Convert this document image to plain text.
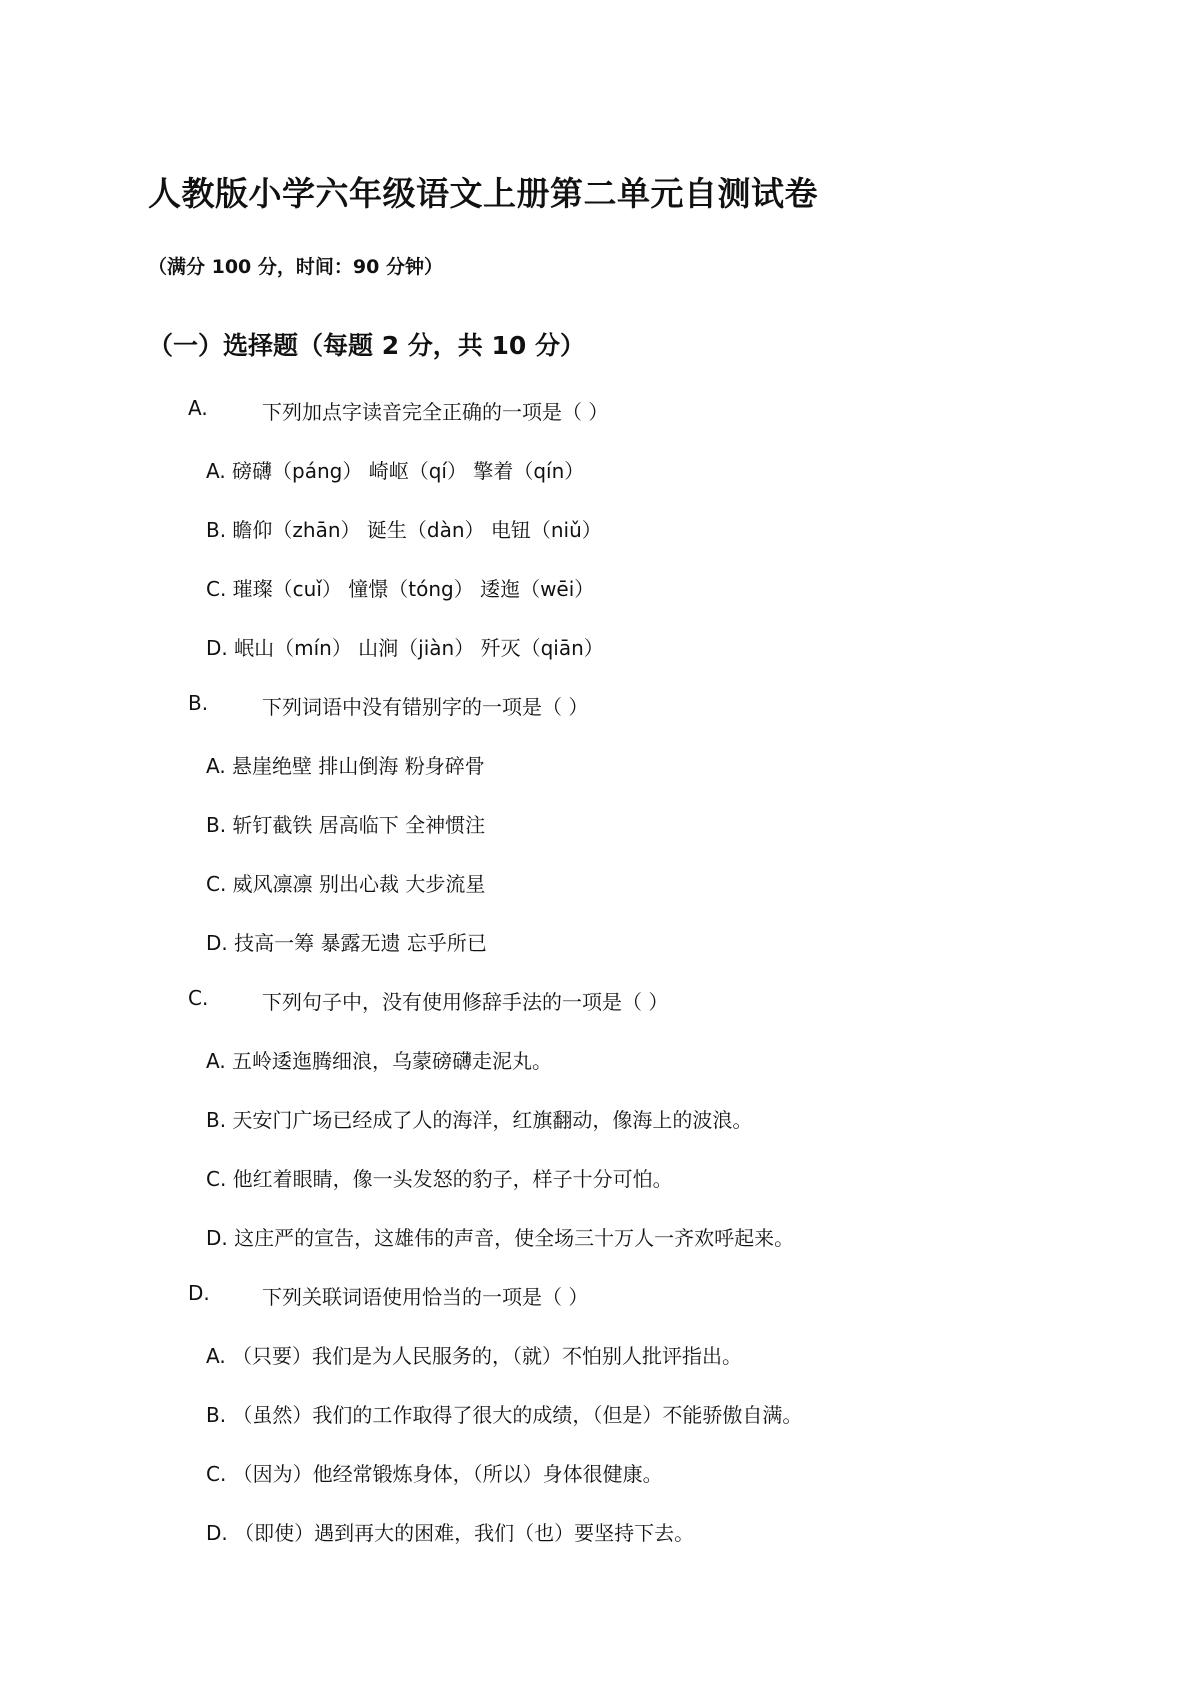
人教版小学六年级语文上册第二单元自测试卷
（满分 100 分，时间：90 分钟）
（一）选择题（每题 2 分，共 10 分）
A.	下列加点字读音完全正确的一项是（ ）
A. 磅礴（páng） 崎岖（qí） 擎着（qín）
B. 瞻仰（zhān） 诞生（dàn） 电钮（niǔ）
C. 璀璨（cuǐ） 憧憬（tóng） 逶迤（wēi）
D. 岷山（mín） 山涧（jiàn） 歼灭（qiān）
B.	下列词语中没有错别字的一项是（ ）
A. 悬崖绝壁 排山倒海 粉身碎骨
B. 斩钉截铁 居高临下 全神惯注
C. 威风凛凛 别出心裁 大步流星
D. 技高一筹 暴露无遗 忘乎所已
C.	下列句子中，没有使用修辞手法的一项是（ ）
A. 五岭逶迤腾细浪，乌蒙磅礴走泥丸。
B. 天安门广场已经成了人的海洋，红旗翻动，像海上的波浪。
C. 他红着眼睛，像一头发怒的豹子，样子十分可怕。
D. 这庄严的宣告，这雄伟的声音，使全场三十万人一齐欢呼起来。
D.	下列关联词语使用恰当的一项是（ ）
A. （只要）我们是为人民服务的，（就）不怕别人批评指出。
B. （虽然）我们的工作取得了很大的成绩，（但是）不能骄傲自满。
C. （因为）他经常锻炼身体，（所以）身体很健康。
D. （即使）遇到再大的困难，我们（也）要坚持下去。
